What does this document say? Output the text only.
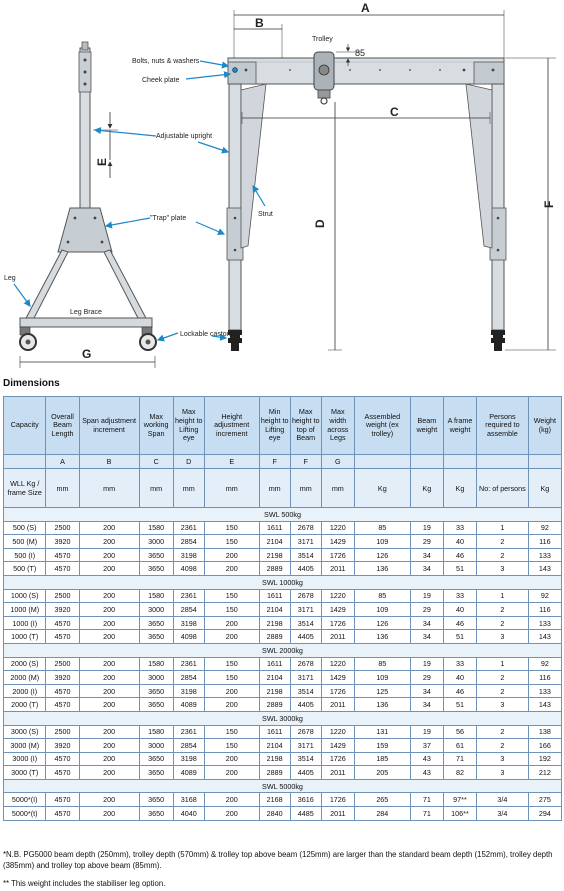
A
B
C
D
E
F
G
Bolts, nuts & washers
Cheek plate
Adjustable upright
"Trap" plate
Leg
Leg Brace
Lockable castors
Strut
Trolley
85
Dimensions
Capacity	Overall Beam Length	Span adjustment increment	Max working Span	Max height to Lifting eye	Height adjustment increment	Min height to Lifting eye	Max height to top of Beam	Max width across Legs	Assembled weight (ex trolley)	Beam weight	A frame weight	Persons required to assemble	Weight (kg)
	A	B	C	D	E	F	F	G					
WLL Kg / frame Size	mm	mm	mm	mm	mm	mm	mm	mm	Kg	Kg	Kg	No: of persons	Kg
SWL 500kg													
500 (S)	2500	200	1580	2361	150	1611	2678	1220	85	19	33	1	92
500 (M)	3920	200	3000	2854	150	2104	3171	1429	109	29	40	2	116
500 (I)	4570	200	3650	3198	200	2198	3514	1726	126	34	46	2	133
500 (T)	4570	200	3650	4098	200	2889	4405	2011	136	34	51	3	143
SWL 1000kg													
1000 (S)	2500	200	1580	2361	150	1611	2678	1220	85	19	33	1	92
1000 (M)	3920	200	3000	2854	150	2104	3171	1429	109	29	40	2	116
1000 (I)	4570	200	3650	3198	200	2198	3514	1726	126	34	46	2	133
1000 (T)	4570	200	3650	4098	200	2889	4405	2011	136	34	51	3	143
SWL 2000kg													
2000 (S)	2500	200	1580	2361	150	1611	2678	1220	85	19	33	1	92
2000 (M)	3920	200	3000	2854	150	2104	3171	1429	109	29	40	2	116
2000 (I)	4570	200	3650	3198	200	2198	3514	1726	125	34	46	2	133
2000 (T)	4570	200	3650	4089	200	2889	4405	2011	136	34	51	3	143
SWL 3000kg													
3000 (S)	2500	200	1580	2361	150	1611	2678	1220	131	19	56	2	138
3000 (M)	3920	200	3000	2854	150	2104	3171	1429	159	37	61	2	166
3000 (I)	4570	200	3650	3198	200	2198	3514	1726	185	43	71	3	192
3000 (T)	4570	200	3650	4089	200	2889	4405	2011	205	43	82	3	212
SWL 5000kg													
5000*(I)	4570	200	3650	3168	200	2168	3616	1726	265	71	97**	3/4	275
5000*(t)	4570	200	3650	4040	200	2840	4485	2011	284	71	106**	3/4	294
*N.B. PG5000 beam depth (250mm), trolley depth (570mm) & trolley top above beam (125mm) are larger than the standard beam depth (152mm), trolley depth (385mm) and trolley top above beam (85mm).
** This weight includes the stabiliser leg option.
